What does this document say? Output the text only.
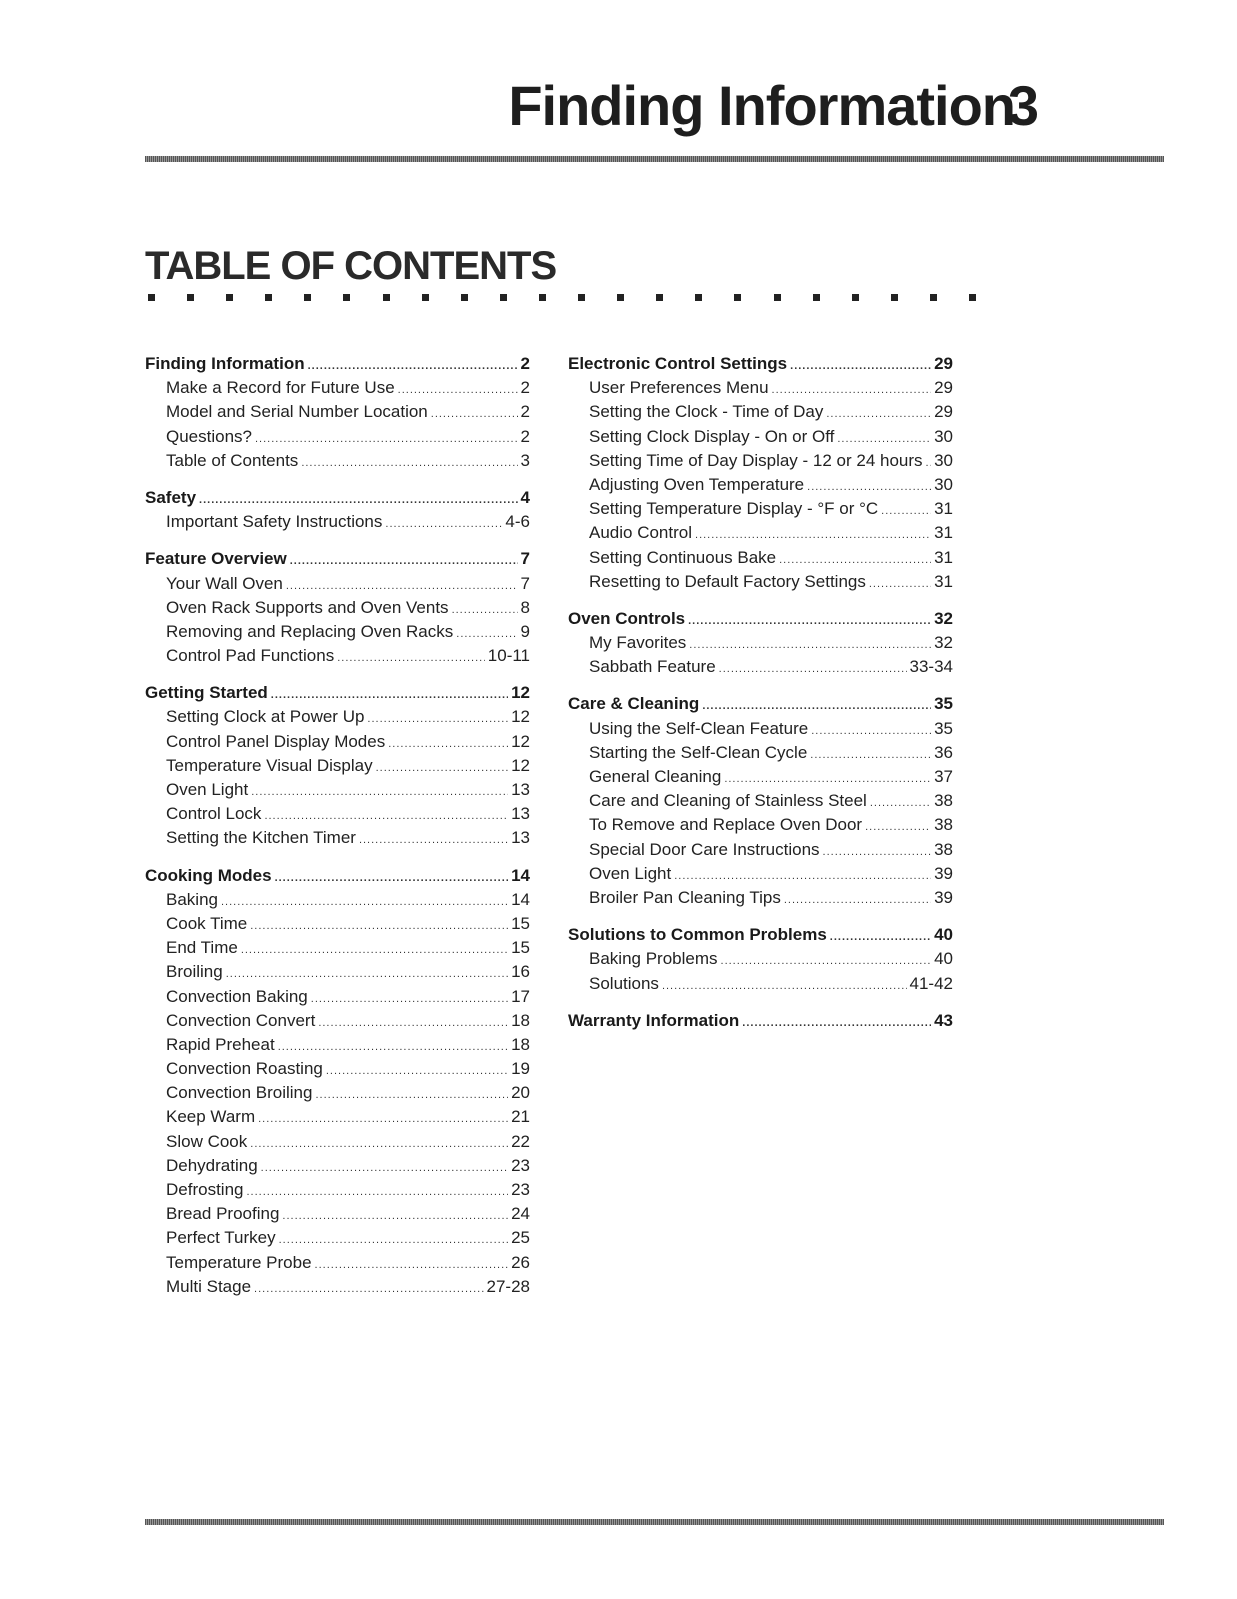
Finding Information
3
TABLE OF CONTENTS
Finding Information .....	2
Make a Record for Future Use .....	2
Model and Serial Number Location .....	2
Questions? .....	2
Table of Contents .....	3
Safety .....	4
Important Safety Instructions .....	4-6
Feature Overview .....	7
Your Wall Oven .....	7
Oven Rack Supports and Oven Vents .....	8
Removing and Replacing Oven Racks .....	9
Control Pad Functions .....	10-11
Getting Started .....	12
Setting Clock at Power Up .....	12
Control Panel Display Modes .....	12
Temperature Visual Display .....	12
Oven Light .....	13
Control Lock .....	13
Setting the Kitchen Timer .....	13
Cooking Modes .....	14
Baking .....	14
Cook Time .....	15
End Time .....	15
Broiling .....	16
Convection Baking .....	17
Convection Convert .....	18
Rapid Preheat .....	18
Convection Roasting .....	19
Convection Broiling .....	20
Keep Warm .....	21
Slow Cook .....	22
Dehydrating .....	23
Defrosting .....	23
Bread Proofing .....	24
Perfect Turkey .....	25
Temperature Probe .....	26
Multi Stage .....	27-28
Electronic Control Settings .....	29
User Preferences Menu .....	29
Setting the Clock - Time of Day .....	29
Setting Clock Display - On or Off .....	30
Setting Time of Day Display - 12 or 24 hours ..... 30
Adjusting Oven Temperature .....	30
Setting Temperature Display - °F or °C .....	31
Audio Control .....	31
Setting Continuous Bake .....	31
Resetting to Default Factory Settings .....	31
Oven Controls .....	32
My Favorites .....	32
Sabbath Feature .....	33-34
Care & Cleaning .....	35
Using the Self-Clean Feature .....	35
Starting the Self-Clean Cycle .....	36
General Cleaning .....	37
Care and Cleaning of Stainless Steel .....	38
To Remove and Replace Oven Door .....	38
Special Door Care Instructions .....	38
Oven Light .....	39
Broiler Pan Cleaning Tips .....	39
Solutions to Common Problems .....	40
Baking Problems .....	40
Solutions .....	41-42
Warranty Information .....	43
